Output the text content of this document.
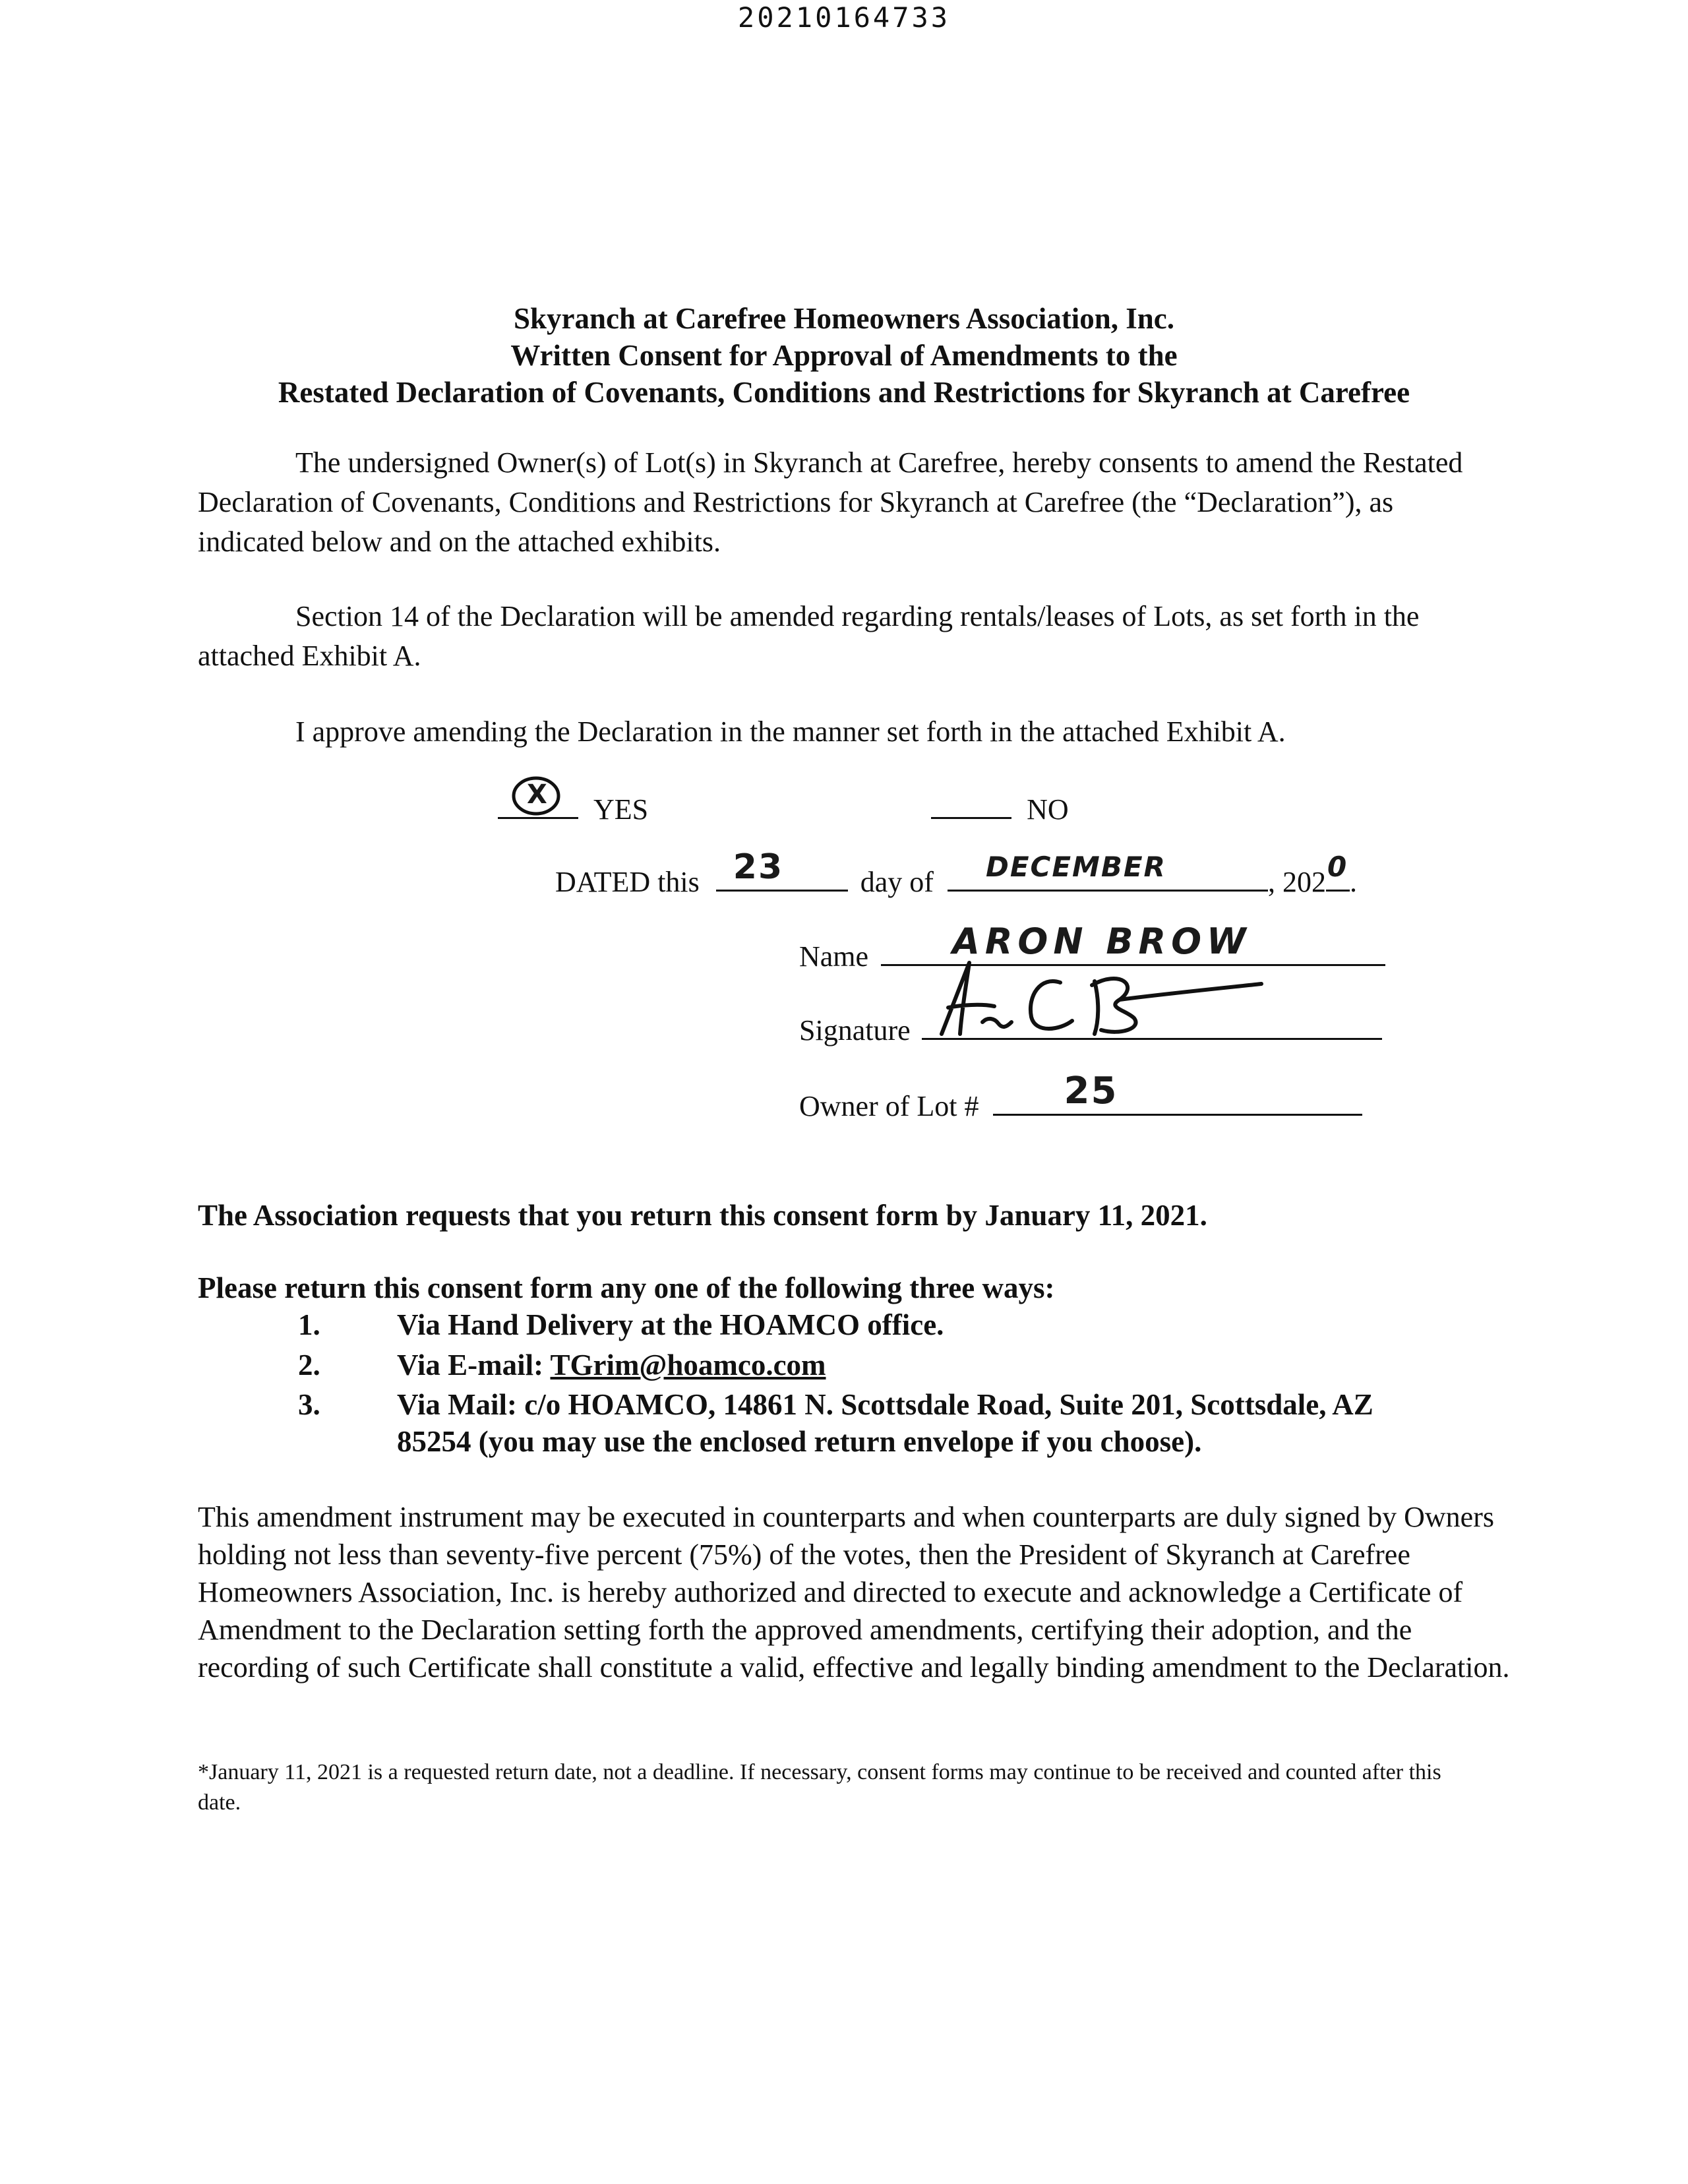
20210164733
Skyranch at Carefree Homeowners Association, Inc.
Written Consent for Approval of Amendments to the
Restated Declaration of Covenants, Conditions and Restrictions for Skyranch at Carefree
The undersigned Owner(s) of Lot(s) in Skyranch at Carefree, hereby consents to amend the Restated Declaration of Covenants, Conditions and Restrictions for Skyranch at Carefree (the “Declaration”), as indicated below and on the attached exhibits.
Section 14 of the Declaration will be amended regarding rentals/leases of Lots, as set forth in the attached Exhibit A.
I approve amending the Declaration in the manner set forth in the attached Exhibit A.
X YES	NO
DATED this 23	day of DECEMBER	, 202 0 .
Name ARON BROW
Signature
Owner of Lot # 25
The Association requests that you return this consent form by January 11, 2021.
Please return this consent form any one of the following three ways:
1.	Via Hand Delivery at the HOAMCO office.
2.	Via E-mail: TGrim@hoamco.com
3.	Via Mail: c/o HOAMCO, 14861 N. Scottsdale Road, Suite 201, Scottsdale, AZ
85254 (you may use the enclosed return envelope if you choose).
This amendment instrument may be executed in counterparts and when counterparts are duly signed by Owners holding not less than seventy-five percent (75%) of the votes, then the President of Skyranch at Carefree Homeowners Association, Inc. is hereby authorized and directed to execute and acknowledge a Certificate of Amendment to the Declaration setting forth the approved amendments, certifying their adoption, and the recording of such Certificate shall constitute a valid, effective and legally binding amendment to the Declaration.
*January 11, 2021 is a requested return date, not a deadline. If necessary, consent forms may continue to be received and counted after this date.
